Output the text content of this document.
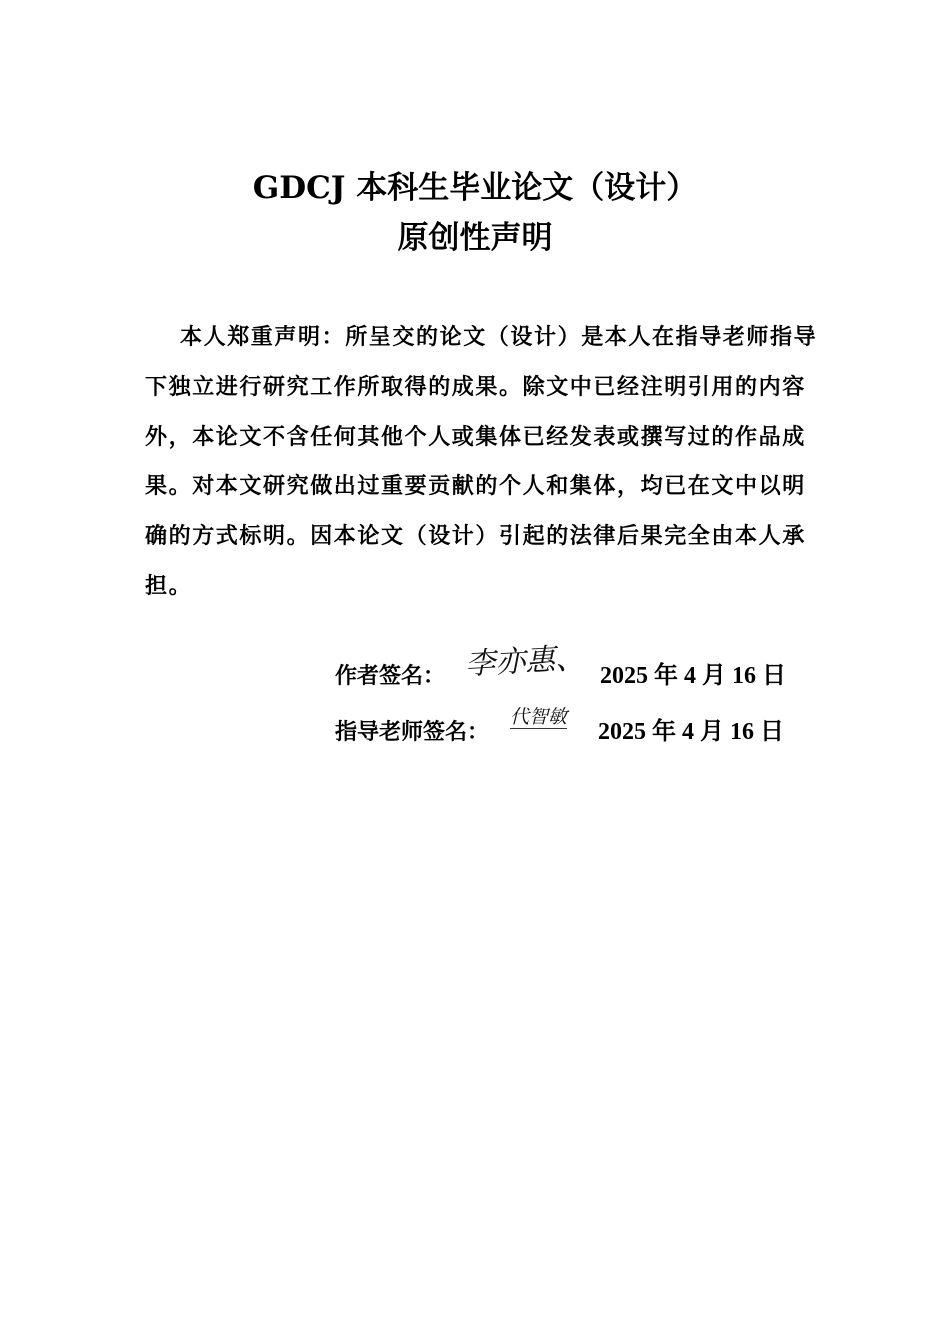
GDCJ 本科生毕业论文（设计）
原创性声明
本人郑重声明：所呈交的论文（设计）是本人在指导老师指导
下独立进行研究工作所取得的成果。除文中已经注明引用的内容
外，本论文不含任何其他个人或集体已经发表或撰写过的作品成
果。对本文研究做出过重要贡献的个人和集体，均已在文中以明
确的方式标明。因本论文（设计）引起的法律后果完全由本人承
担。
作者签名： 李亦惠、 2025 年 4 月 16 日
指导老师签名：
代智敏
2025 年 4 月 16 日
